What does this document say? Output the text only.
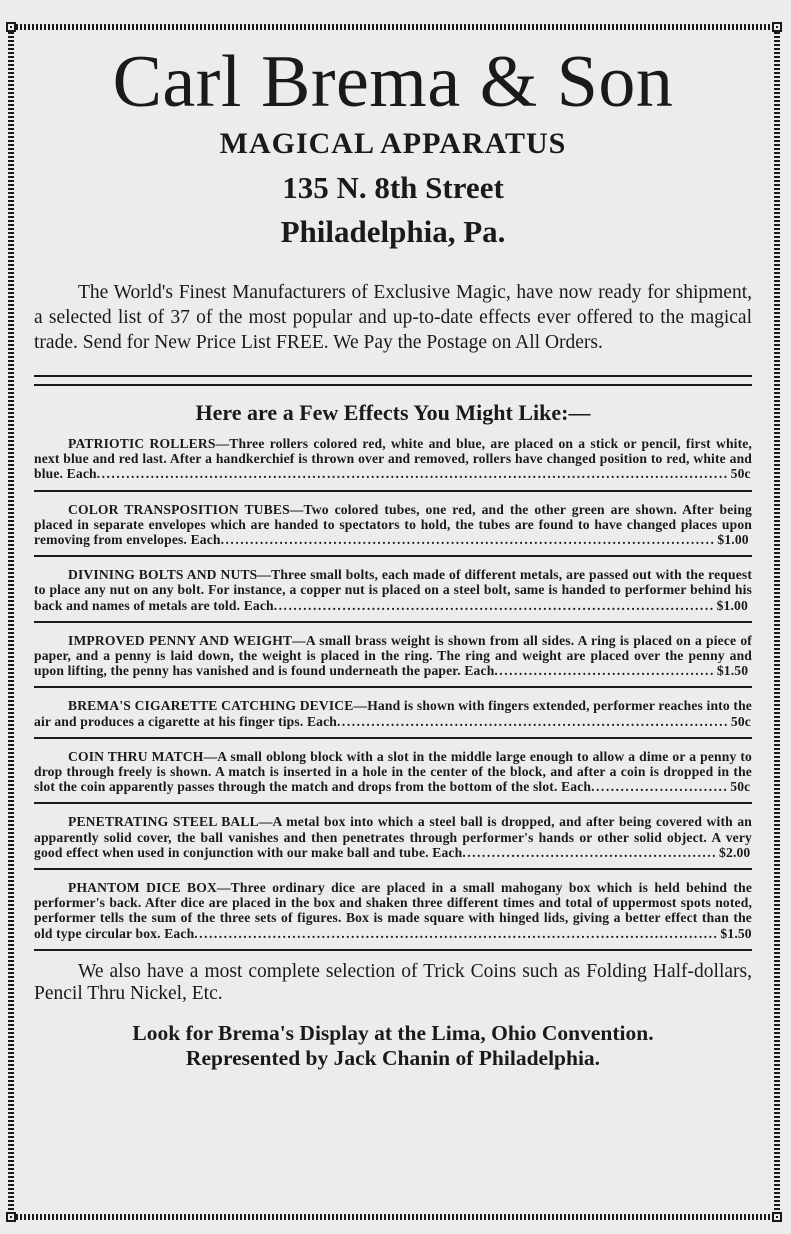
Carl Brema & Son

MAGICAL APPARATUS

135 N. 8th Street

Philadelphia, Pa.

The World's Finest Manufacturers of Exclusive Magic, have now ready for shipment, a selected list of 37 of the most popular and up-to-date effects ever offered to the magical trade. Send for New Price List FREE. We Pay the Postage on All Orders.

Here are a Few Effects You Might Like:—
PATRIOTIC ROLLERS—Three rollers colored red, white and blue, are placed on a stick or pencil, first white, next blue and red last. After a handkerchief is thrown over and removed, rollers have changed position to red, white and blue. Each................................................................................................................................. 50c
COLOR TRANSPOSITION TUBES—Two colored tubes, one red, and the other green are shown. After being placed in separate envelopes which are handed to spectators to hold, the tubes are found to have changed places upon removing from envelopes. Each..................................................................................................... $1.00
DIVINING BOLTS AND NUTS—Three small bolts, each made of different metals, are passed out with the request to place any nut on any bolt. For instance, a copper nut is placed on a steel bolt, same is handed to performer behind his back and names of metals are told. Each.......................................................................................... $1.00
IMPROVED PENNY AND WEIGHT—A small brass weight is shown from all sides. A ring is placed on a piece of paper, and a penny is laid down, the weight is placed in the ring. The ring and weight are placed over the penny and upon lifting, the penny has vanished and is found underneath the paper. Each............................................. $1.50
BREMA'S CIGARETTE CATCHING DEVICE—Hand is shown with fingers extended, performer reaches into the air and produces a cigarette at his finger tips. Each................................................................................ 50c
COIN THRU MATCH—A small oblong block with a slot in the middle large enough to allow a dime or a penny to drop through freely is shown. A match is inserted in a hole in the center of the block, and after a coin is dropped in the slot the coin apparently passes through the match and drops from the bottom of the slot. Each............................ 50c
PENETRATING STEEL BALL—A metal box into which a steel ball is dropped, and after being covered with an apparently solid cover, the ball vanishes and then penetrates through performer's hands or other solid object. A very good effect when used in conjunction with our make ball and tube. Each.................................................... $2.00
PHANTOM DICE BOX—Three ordinary dice are placed in a small mahogany box which is held behind the performer's back. After dice are placed in the box and shaken three different times and total of uppermost spots noted, performer tells the sum of the three sets of figures. Box is made square with hinged lids, giving a better effect than the old type circular box. Each........................................................................................................... $1.50

We also have a most complete selection of Trick Coins such as Folding Half-dollars, Pencil Thru Nickel, Etc.

Look for Brema's Display at the Lima, Ohio Convention.
Represented by Jack Chanin of Philadelphia.
